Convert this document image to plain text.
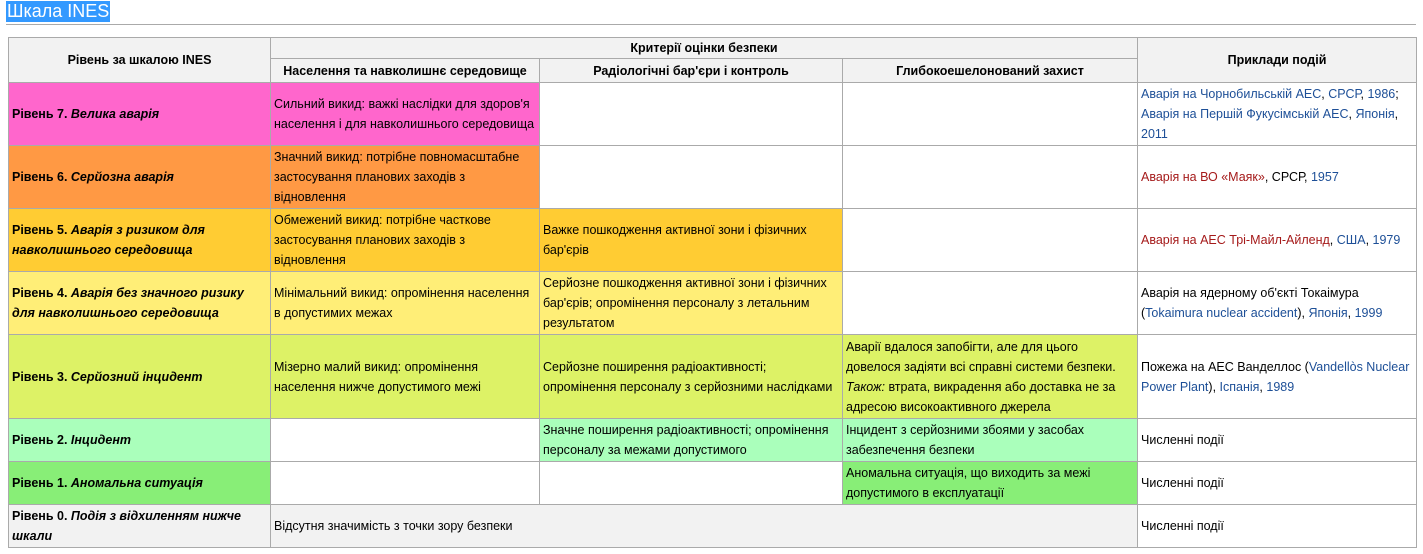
Шкала INES
Рівень за шкалою INES	Критерії оцінки безпеки			Приклади подій
	Населення та навколишнє середовище	Радіологічні бар'єри і контроль	Глибокоешелонований захист	
Рівень 7. Велика аварія	Сильний викид: важкі наслідки для здоров'я населення і для навколишнього середовища			Аварія на Чорнобильській АЕС, СРСР, 1986; Аварія на Першій Фукусімській АЕС, Японія, 2011
Рівень 6. Серйозна аварія	Значний викид: потрібне повномасштабне застосування планових заходів з відновлення			Аварія на ВО «Маяк», СРСР, 1957
Рівень 5. Аварія з ризиком для навколишнього середовища	Обмежений викид: потрібне часткове застосування планових заходів з відновлення	Важке пошкодження активної зони і фізичних бар'єрів		Аварія на АЕС Трі-Майл-Айленд, США, 1979
Рівень 4. Аварія без значного ризику для навколишнього середовища	Мінімальний викид: опромінення населення в допустимих межах	Серйозне пошкодження активної зони і фізичних бар'єрів; опромінення персоналу з летальним результатом		Аварія на ядерному об'єкті Токаімура (Tokaimura nuclear accident), Японія, 1999
Рівень 3. Серйозний інцидент	Мізерно малий викид: опромінення населення нижче допустимого межі	Серйозне поширення радіоактивності; опромінення персоналу з серйозними наслідками	Аварії вдалося запобігти, але для цього довелося задіяти всі справні системи безпеки. Також: втрата, викрадення або доставка не за адресою високоактивного джерела	Пожежа на АЕС Ванделлос (Vandellòs Nuclear Power Plant), Іспанія, 1989
Рівень 2. Інцидент		Значне поширення радіоактивності; опромінення персоналу за межами допустимого	Інцидент з серйозними збоями у засобах забезпечення безпеки	Численні події
Рівень 1. Аномальна ситуація			Аномальна ситуація, що виходить за межі допустимого в експлуатації	Численні події
Рівень 0. Подія з відхиленням нижче шкали	Відсутня значимість з точки зору безпеки			Численні події
